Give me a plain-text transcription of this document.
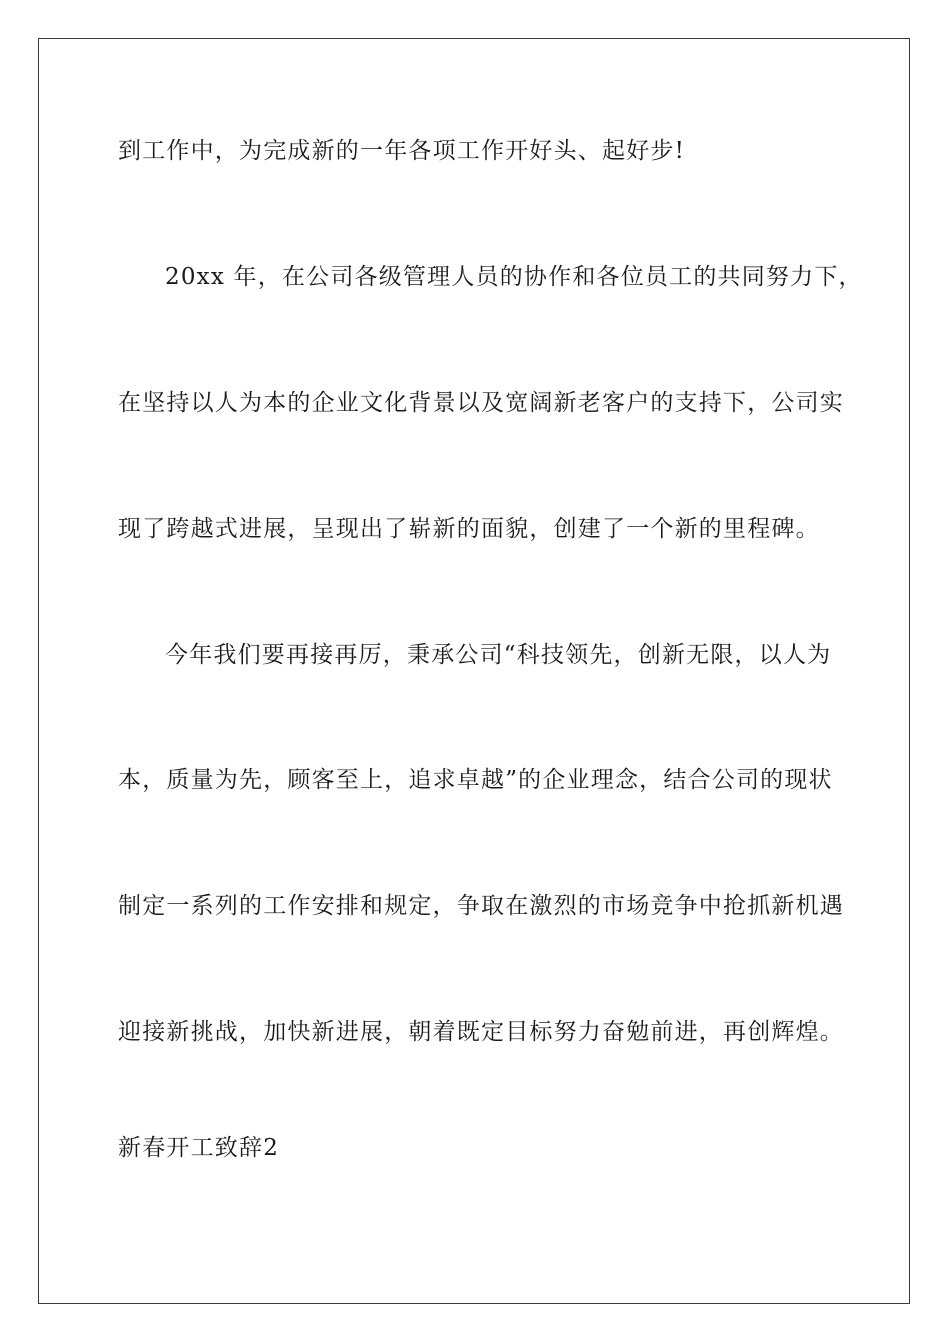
到工作中，为完成新的一年各项工作开好头、起好步!
20xx 年，在公司各级管理人员的协作和各位员工的共同努力下，
在坚持以人为本的企业文化背景以及宽阔新老客户的支持下，公司实
现了跨越式进展，呈现出了崭新的面貌，创建了一个新的里程碑。
今年我们要再接再厉，秉承公司“科技领先，创新无限，以人为
本，质量为先，顾客至上，追求卓越”的企业理念，结合公司的现状
制定一系列的工作安排和规定，争取在激烈的市场竞争中抢抓新机遇
迎接新挑战，加快新进展，朝着既定目标努力奋勉前进，再创辉煌。
新春开工致辞2
